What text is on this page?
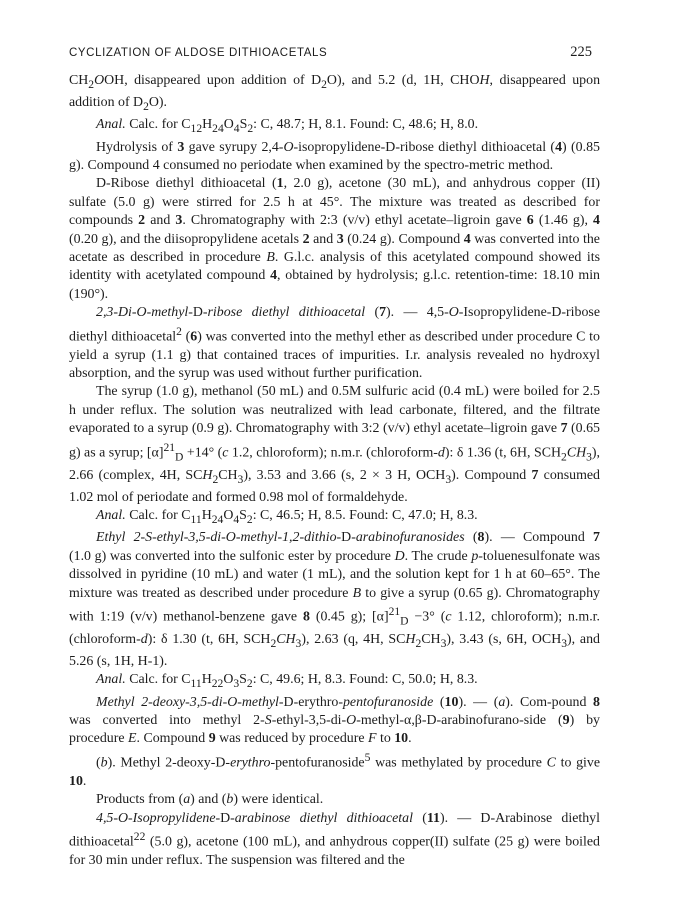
CYCLIZATION OF ALDOSE DITHIOACETALS	225

$CH_2OOH$, disappeared upon addition of $D_2O$), and 5.2 (d, 1H, CHOH, disappeared upon addition of $D_2O$).

Anal. Calc. for $C_{12}H_{24}O_4S_2$: C, 48.7; H, 8.1. Found: C, 48.6; H, 8.0.

Hydrolysis of 3 gave syrupy 2,4-O-isopropylidene-D-ribose diethyl dithioacetal (4) (0.85 g). Compound 4 consumed no periodate when examined by the spectro-metric method.

D-Ribose diethyl dithioacetal (1, 2.0 g), acetone (30 mL), and anhydrous copper (II) sulfate (5.0 g) were stirred for 2.5 h at 45°. The mixture was treated as described for compounds 2 and 3. Chromatography with 2:3 (v/v) ethyl acetate–ligroin gave 6 (1.46 g), 4 (0.20 g), and the diisopropylidene acetals 2 and 3 (0.24 g). Compound 4 was converted into the acetate as described in procedure B. G.l.c. analysis of this acetylated compound showed its identity with acetylated compound 4, obtained by hydrolysis; g.l.c. retention-time: 18.10 min (190°).

2,3-Di-O-methyl-D-ribose diethyl dithioacetal (7). — 4,5-O-Isopropylidene-D-ribose diethyl dithioacetal$^2$ (6) was converted into the methyl ether as described under procedure C to yield a syrup (1.1 g) that contained traces of impurities. I.r. analysis revealed no hydroxyl absorption, and the syrup was used without further purification.

The syrup (1.0 g), methanol (50 mL) and 0.5M sulfuric acid (0.4 mL) were boiled for 2.5 h under reflux. The solution was neutralized with lead carbonate, filtered, and the filtrate evaporated to a syrup (0.9 g). Chromatography with 3:2 (v/v) ethyl acetate–ligroin gave 7 (0.65 g) as a syrup; $[\alpha]^{21}_D +14^\circ$ (c 1.2, chloroform); n.m.r. (chloroform-d): δ 1.36 (t, 6H, $SCH_2CH_3$), 2.66 (complex, 4H, $SCH_2CH_3$), 3.53 and 3.66 (s, 2 × 3 H, $OCH_3$). Compound 7 consumed 1.02 mol of periodate and formed 0.98 mol of formaldehyde.

Anal. Calc. for $C_{11}H_{24}O_4S_2$: C, 46.5; H, 8.5. Found: C, 47.0; H, 8.3.

Ethyl 2-S-ethyl-3,5-di-O-methyl-1,2-dithio-D-arabinofuranosides (8). — Compound 7 (1.0 g) was converted into the sulfonic ester by procedure D. The crude p-toluenesulfonate was dissolved in pyridine (10 mL) and water (1 mL), and the solution kept for 1 h at 60–65°. The mixture was treated as described under procedure B to give a syrup (0.65 g). Chromatography with 1:19 (v/v) methanol-benzene gave 8 (0.45 g); $[\alpha]^{21}_D -3^\circ$ (c 1.12, chloroform); n.m.r. (chloroform-d): δ 1.30 (t, 6H, $SCH_2CH_3$), 2.63 (q, 4H, $SCH_2CH_3$), 3.43 (s, 6H, $OCH_3$), and 5.26 (s, 1H, H-1).

Anal. Calc. for $C_{11}H_{22}O_3S_2$: C, 49.6; H, 8.3. Found: C, 50.0; H, 8.3.

Methyl 2-deoxy-3,5-di-O-methyl-D-erythro-pentofuranoside (10). — (a). Com-pound 8 was converted into methyl 2-S-ethyl-3,5-di-O-methyl-α,β-D-arabinofurano-side (9) by procedure E. Compound 9 was reduced by procedure F to 10.

(b). Methyl 2-deoxy-D-erythro-pentofuranoside$^5$ was methylated by procedure C to give 10.

Products from (a) and (b) were identical.

4,5-O-Isopropylidene-D-arabinose diethyl dithioacetal (11). — D-Arabinose diethyl dithioacetal$^{22}$ (5.0 g), acetone (100 mL), and anhydrous copper(II) sulfate (25 g) were boiled for 30 min under reflux. The suspension was filtered and the
